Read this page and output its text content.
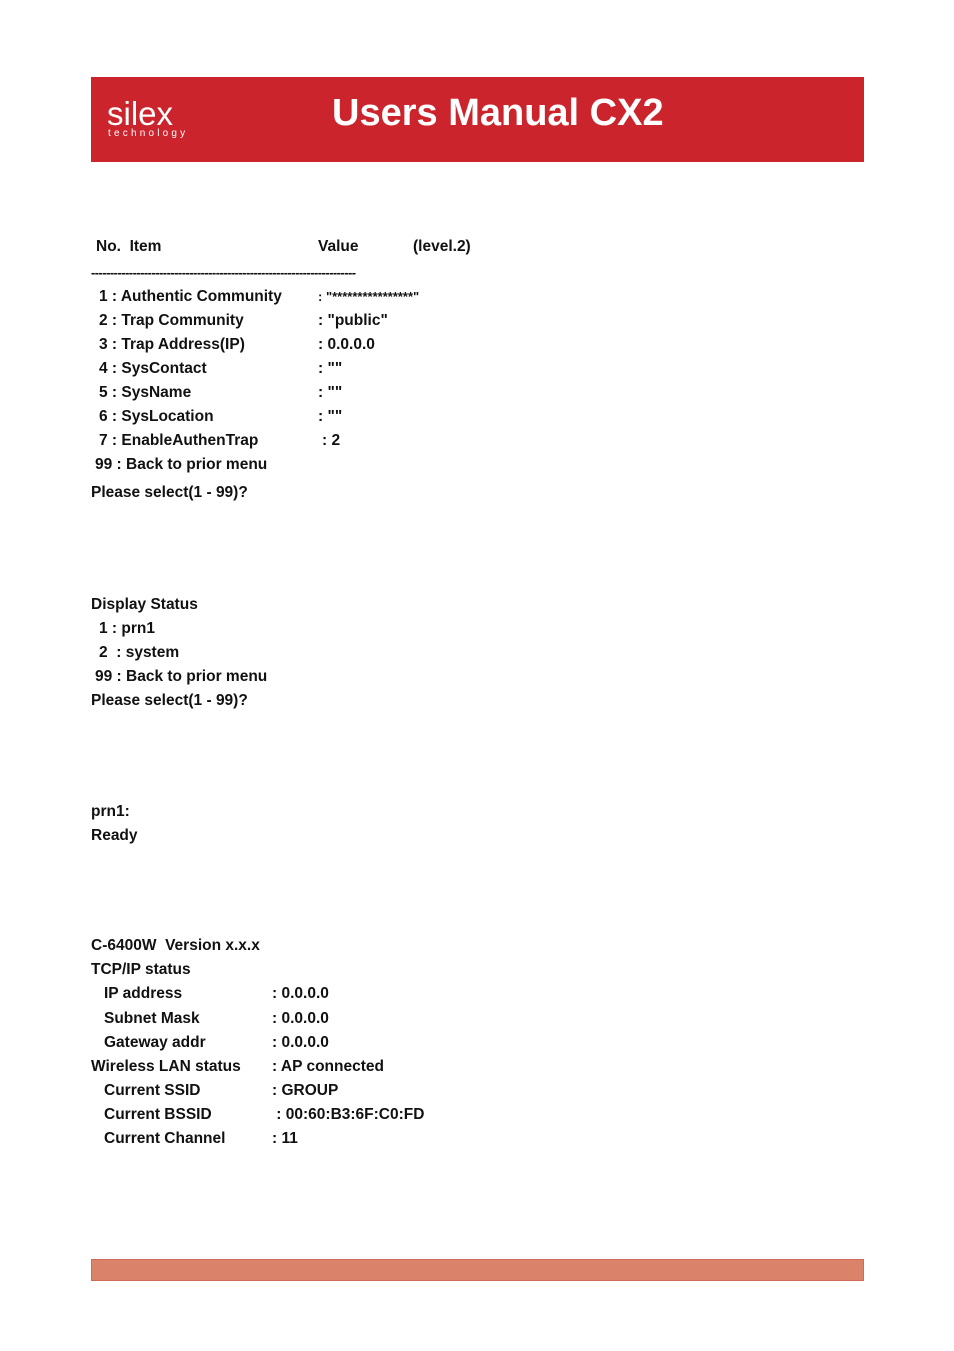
silex
technology	Users Manual CX2
No.  Item	Value	(level.2)
----------------------------------------------------------------------
1 : Authentic Community	: "****************"
2 : Trap Community	: "public"
3 : Trap Address(IP)	: 0.0.0.0
4 : SysContact	: ""
5 : SysName	: ""
6 : SysLocation	: ""
7 : EnableAuthenTrap	: 2
99 : Back to prior menu
Please select(1 - 99)?
Display Status
1 : prn1
2  : system
99 : Back to prior menu
Please select(1 - 99)?
prn1:
Ready
C-6400W  Version x.x.x
TCP/IP status
IP address	: 0.0.0.0
Subnet Mask	: 0.0.0.0
Gateway addr	: 0.0.0.0
Wireless LAN status : AP connected
Current SSID	: GROUP
Current BSSID	: 00:60:B3:6F:C0:FD
Current Channel	: 11
